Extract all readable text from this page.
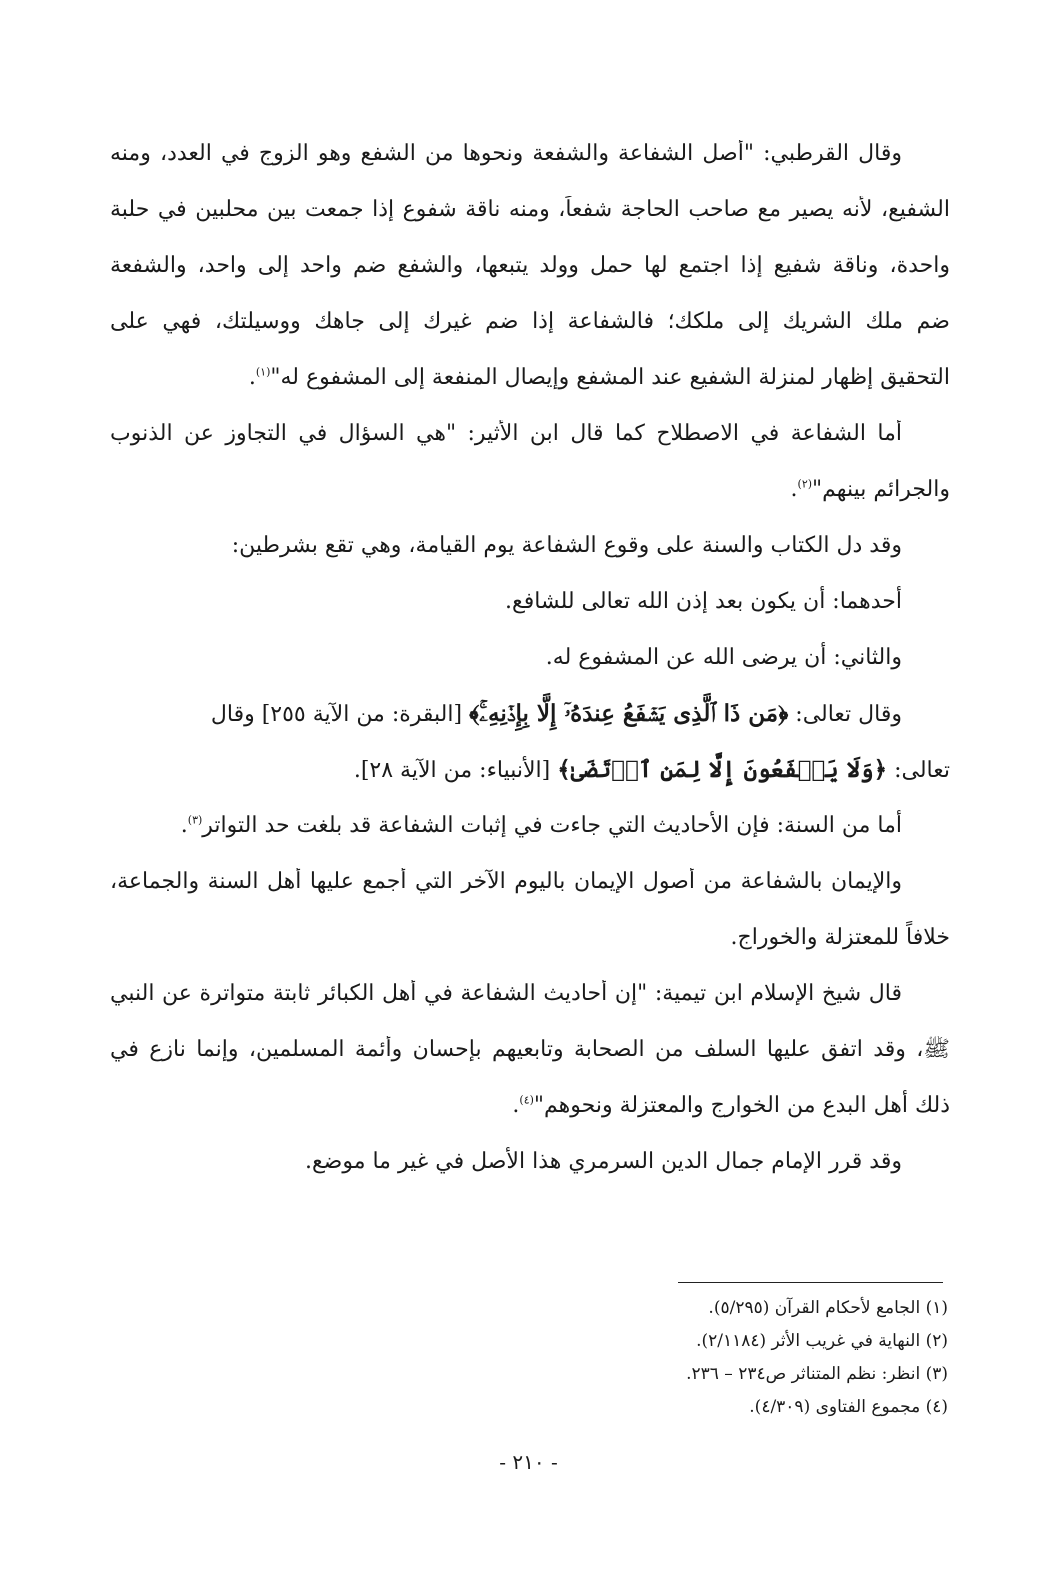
وقال القرطبي: "أصل الشفاعة والشفعة ونحوها من الشفع وهو الزوج في العدد، ومنه
الشفيع، لأنه يصير مع صاحب الحاجة شفعاً، ومنه ناقة شفوع إذا جمعت بين محلبين في حلبة
واحدة، وناقة شفيع إذا اجتمع لها حمل وولد يتبعها، والشفع ضم واحد إلى واحد، والشفعة
ضم ملك الشريك إلى ملكك؛ فالشفاعة إذا ضم غيرك إلى جاهك ووسيلتك، فهي على
التحقيق إظهار لمنزلة الشفيع عند المشفع وإيصال المنفعة إلى المشفوع له"$^{(١)}$.
أما الشفاعة في الاصطلاح كما قال ابن الأثير: "هي السؤال في التجاوز عن الذنوب
والجرائم بينهم"$^{(٢)}$.
وقد دل الكتاب والسنة على وقوع الشفاعة يوم القيامة، وهي تقع بشرطين:
أحدهما: أن يكون بعد إذن الله تعالى للشافع.
والثاني: أن يرضى الله عن المشفوع له.
وقال تعالى: ﴿مَن ذَا ٱلَّذِى يَشۡفَعُ عِندَهُۥٓ إِلَّا بِإِذۡنِهِۦۚ﴾ [البقرة: من الآية ٢٥٥] وقال
تعالى: ﴿وَلَا يَشۡفَعُونَ إِلَّا لِمَنِ ٱرۡتَضَىٰ﴾ [الأنبياء: من الآية ٢٨].
أما من السنة: فإن الأحاديث التي جاءت في إثبات الشفاعة قد بلغت حد التواتر$^{(٣)}$.
والإيمان بالشفاعة من أصول الإيمان باليوم الآخر التي أجمع عليها أهل السنة والجماعة،
خلافاً للمعتزلة والخوراج.
قال شيخ الإسلام ابن تيمية: "إن أحاديث الشفاعة في أهل الكبائر ثابتة متواترة عن النبي
ﷺ، وقد اتفق عليها السلف من الصحابة وتابعيهم بإحسان وأئمة المسلمين، وإنما نازع في
ذلك أهل البدع من الخوارج والمعتزلة ونحوهم"$^{(٤)}$.
وقد قرر الإمام جمال الدين السرمري هذا الأصل في غير ما موضع.
(١) الجامع لأحكام القرآن (٥/٢٩٥).
(٢) النهاية في غريب الأثر (٢/١١٨٤).
(٣) انظر: نظم المتناثر ص٢٣٤ – ٢٣٦.
(٤) مجموع الفتاوى (٤/٣٠٩).
- ٢١٠ -
